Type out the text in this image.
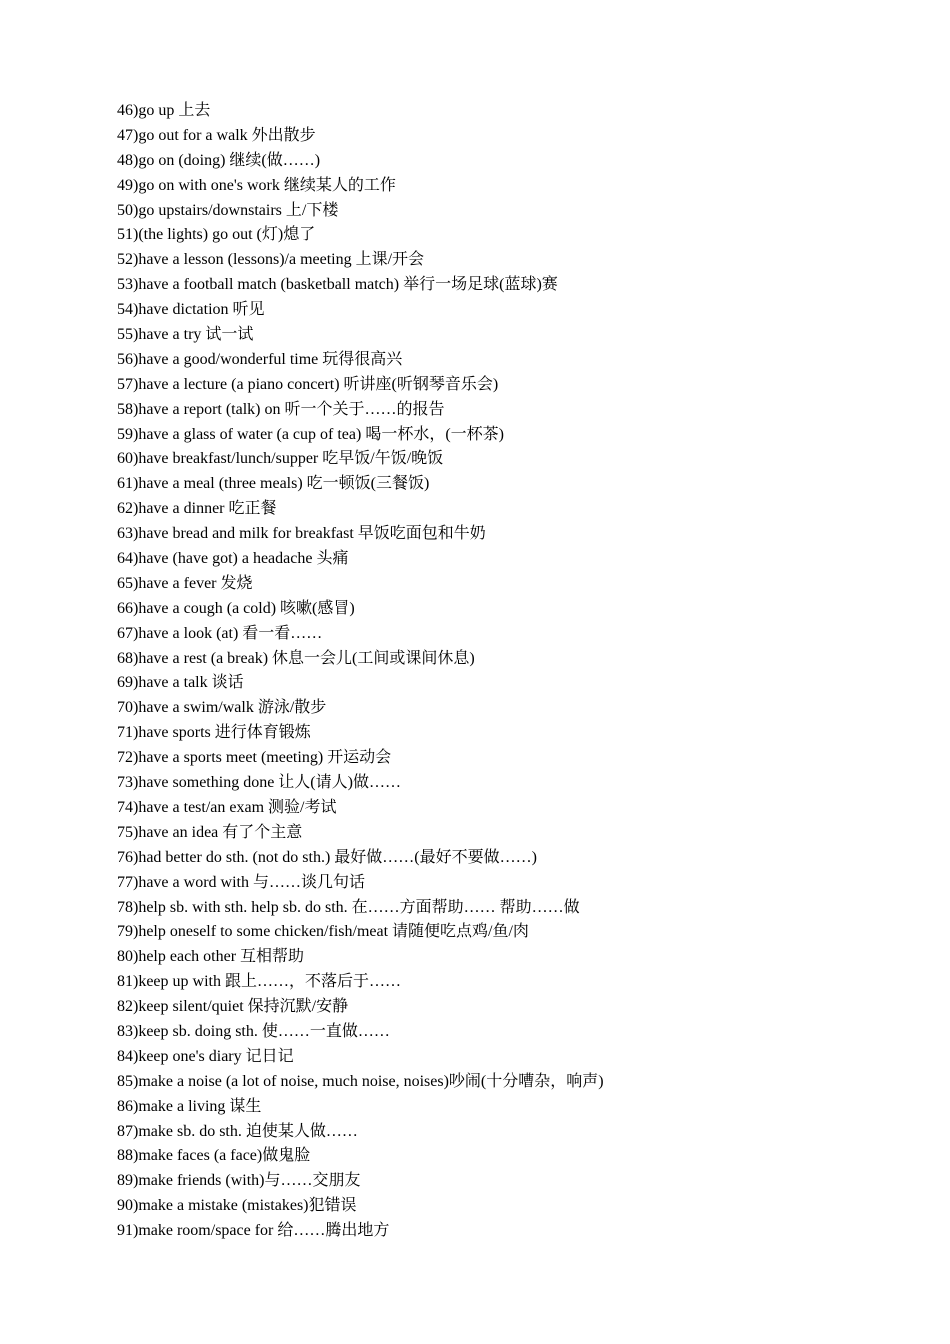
46)go up 上去
47)go out for a walk 外出散步
48)go on (doing) 继续(做……)
49)go on with one's work 继续某人的工作
50)go upstairs/downstairs 上/下楼
51)(the lights) go out (灯)熄了
52)have a lesson (lessons)/a meeting 上课/开会
53)have a football match (basketball match) 举行一场足球(蓝球)赛
54)have dictation 听见
55)have a try 试一试
56)have a good/wonderful time 玩得很高兴
57)have a lecture (a piano concert) 听讲座(听钢琴音乐会)
58)have a report (talk) on 听一个关于……的报告
59)have a glass of water (a cup of tea) 喝一杯水，(一杯茶)
60)have breakfast/lunch/supper 吃早饭/午饭/晚饭
61)have a meal (three meals) 吃一顿饭(三餐饭)
62)have a dinner 吃正餐
63)have bread and milk for breakfast 早饭吃面包和牛奶
64)have (have got) a headache 头痛
65)have a fever 发烧
66)have a cough (a cold) 咳嗽(感冒)
67)have a look (at) 看一看……
68)have a rest (a break) 休息一会儿(工间或课间休息)
69)have a talk 谈话
70)have a swim/walk 游泳/散步
71)have sports 进行体育锻炼
72)have a sports meet (meeting) 开运动会
73)have something done 让人(请人)做……
74)have a test/an exam 测验/考试
75)have an idea 有了个主意
76)had better do sth. (not do sth.) 最好做……(最好不要做……)
77)have a word with 与……谈几句话
78)help sb. with sth. help sb. do sth. 在……方面帮助…… 帮助……做
79)help oneself to some chicken/fish/meat 请随便吃点鸡/鱼/肉
80)help each other 互相帮助
81)keep up with 跟上……，不落后于……
82)keep silent/quiet 保持沉默/安静
83)keep sb. doing sth. 使……一直做……
84)keep one's diary 记日记
85)make a noise (a lot of noise, much noise, noises)吵闹(十分嘈杂，响声)
86)make a living 谋生
87)make sb. do sth. 迫使某人做……
88)make faces (a face)做鬼脸
89)make friends (with)与……交朋友
90)make a mistake (mistakes)犯错误
91)make room/space for 给……腾出地方
